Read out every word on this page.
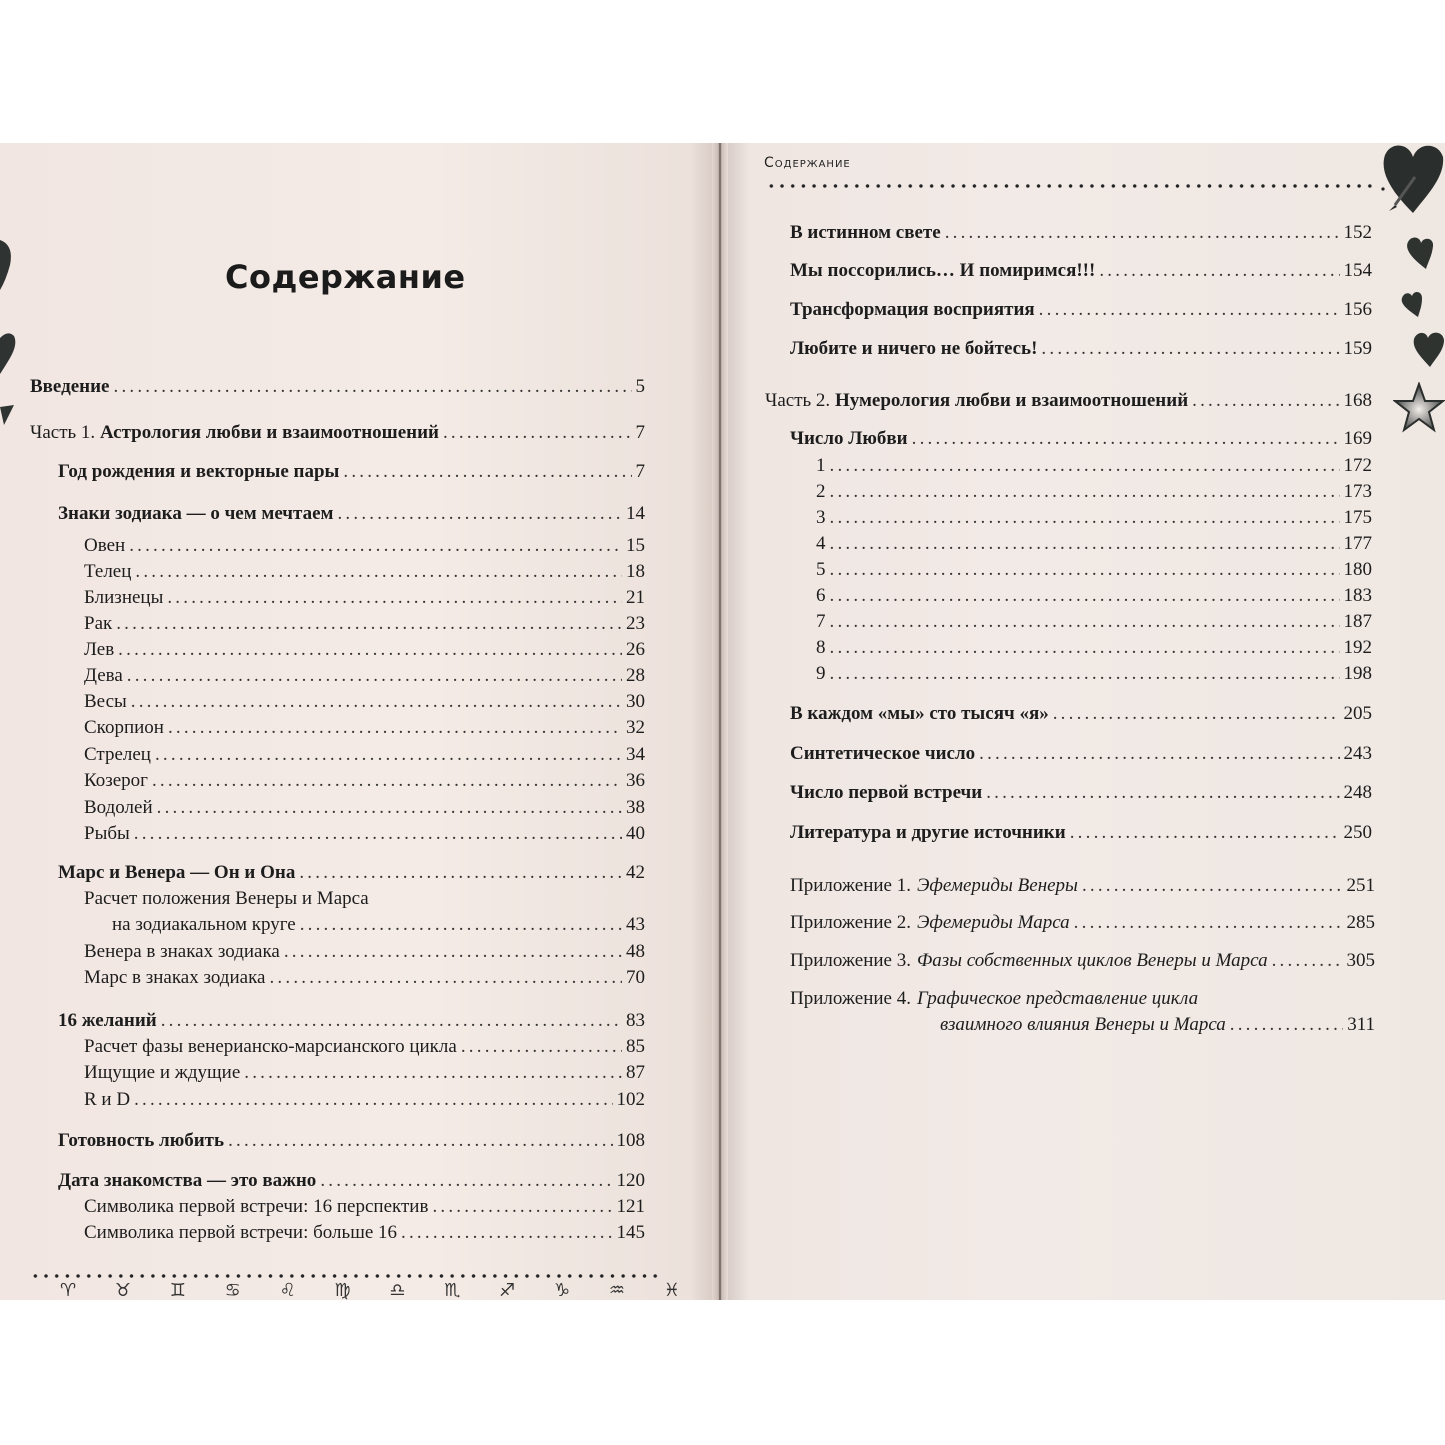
Содержание
Введение .....	5
Часть 1. Астрология любви и взаимоотношений .....	7
Год рождения и векторные пары .....	7
Знаки зодиака — о чем мечтаем .....	14
Овен .....	15
Телец .....	18
Близнецы .....	21
Рак .....	23
Лев .....	26
Дева .....	28
Весы .....	30
Скорпион .....	32
Стрелец .....	34
Козерог .....	36
Водолей .....	38
Рыбы .....	40
Марс и Венера — Он и Она .....	42
Расчет положения Венеры и Марса
на зодиакальном круге .....	43
Венера в знаках зодиака .....	48
Марс в знаках зодиака .....	70
16 желаний .....	83
Расчет фазы венерианско-марсианского цикла .....	85
Ищущие и ждущие .....	87
R и D .....	102
Готовность любить .....	108
Дата знакомства — это важно .....	120
Символика первой встречи: 16 перспектив .....	121
Символика первой встречи: больше 16 .....	145
♈ ♉ ♊ ♋ ♌ ♍ ♎ ♏ ♐ ♑ ♒ ♓
Содержание
В истинном свете .....	152
Мы поссорились… И помиримся!!! .....	154
Трансформация восприятия .....	156
Любите и ничего не бойтесь! .....	159
Часть 2. Нумерология любви и взаимоотношений .....	168
Число Любви .....	169
1 .....	172
2 .....	173
3 .....	175
4 .....	177
5 .....	180
6 .....	183
7 .....	187
8 .....	192
9 .....	198
В каждом «мы» сто тысяч «я» .....	205
Синтетическое число .....	243
Число первой встречи .....	248
Литература и другие источники .....	250
Приложение 1. Эфемериды Венеры .....	251
Приложение 2. Эфемериды Марса .....	285
Приложение 3. Фазы собственных циклов Венеры и Марса .....	305
Приложение 4. Графическое представление цикла
взаимного влияния Венеры и Марса .....	311
